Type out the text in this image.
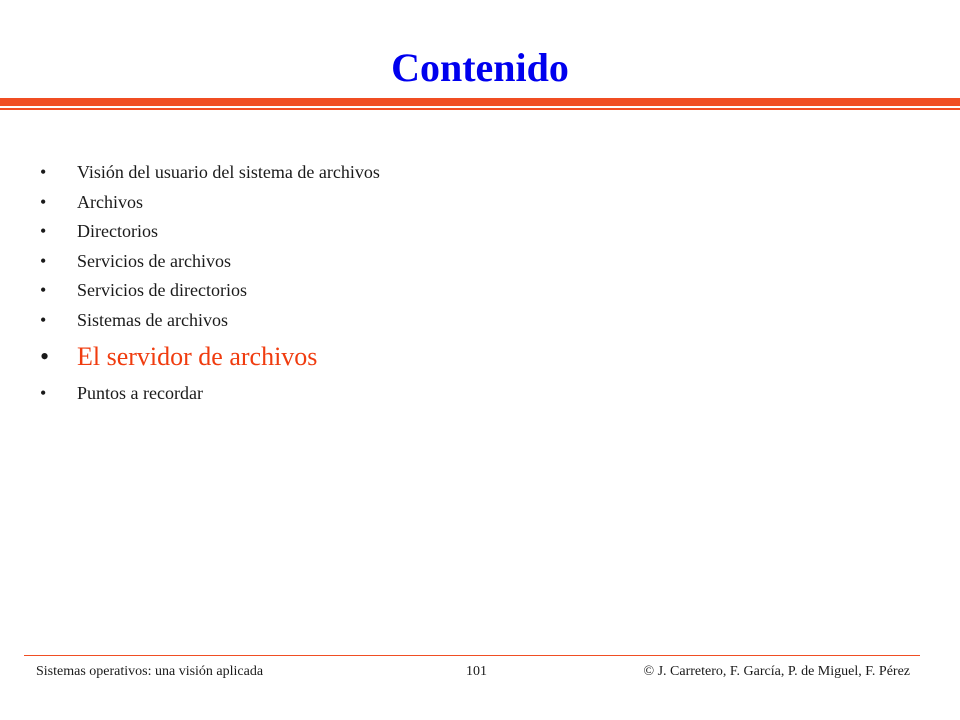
Contenido
• Visión del usuario del sistema de archivos
• Archivos
• Directorios
• Servicios de archivos
• Servicios de directorios
• Sistemas de archivos
• El servidor de archivos
• Puntos a recordar
Sistemas operativos: una visión aplicada	101	© J. Carretero, F. García, P. de Miguel, F. Pérez
